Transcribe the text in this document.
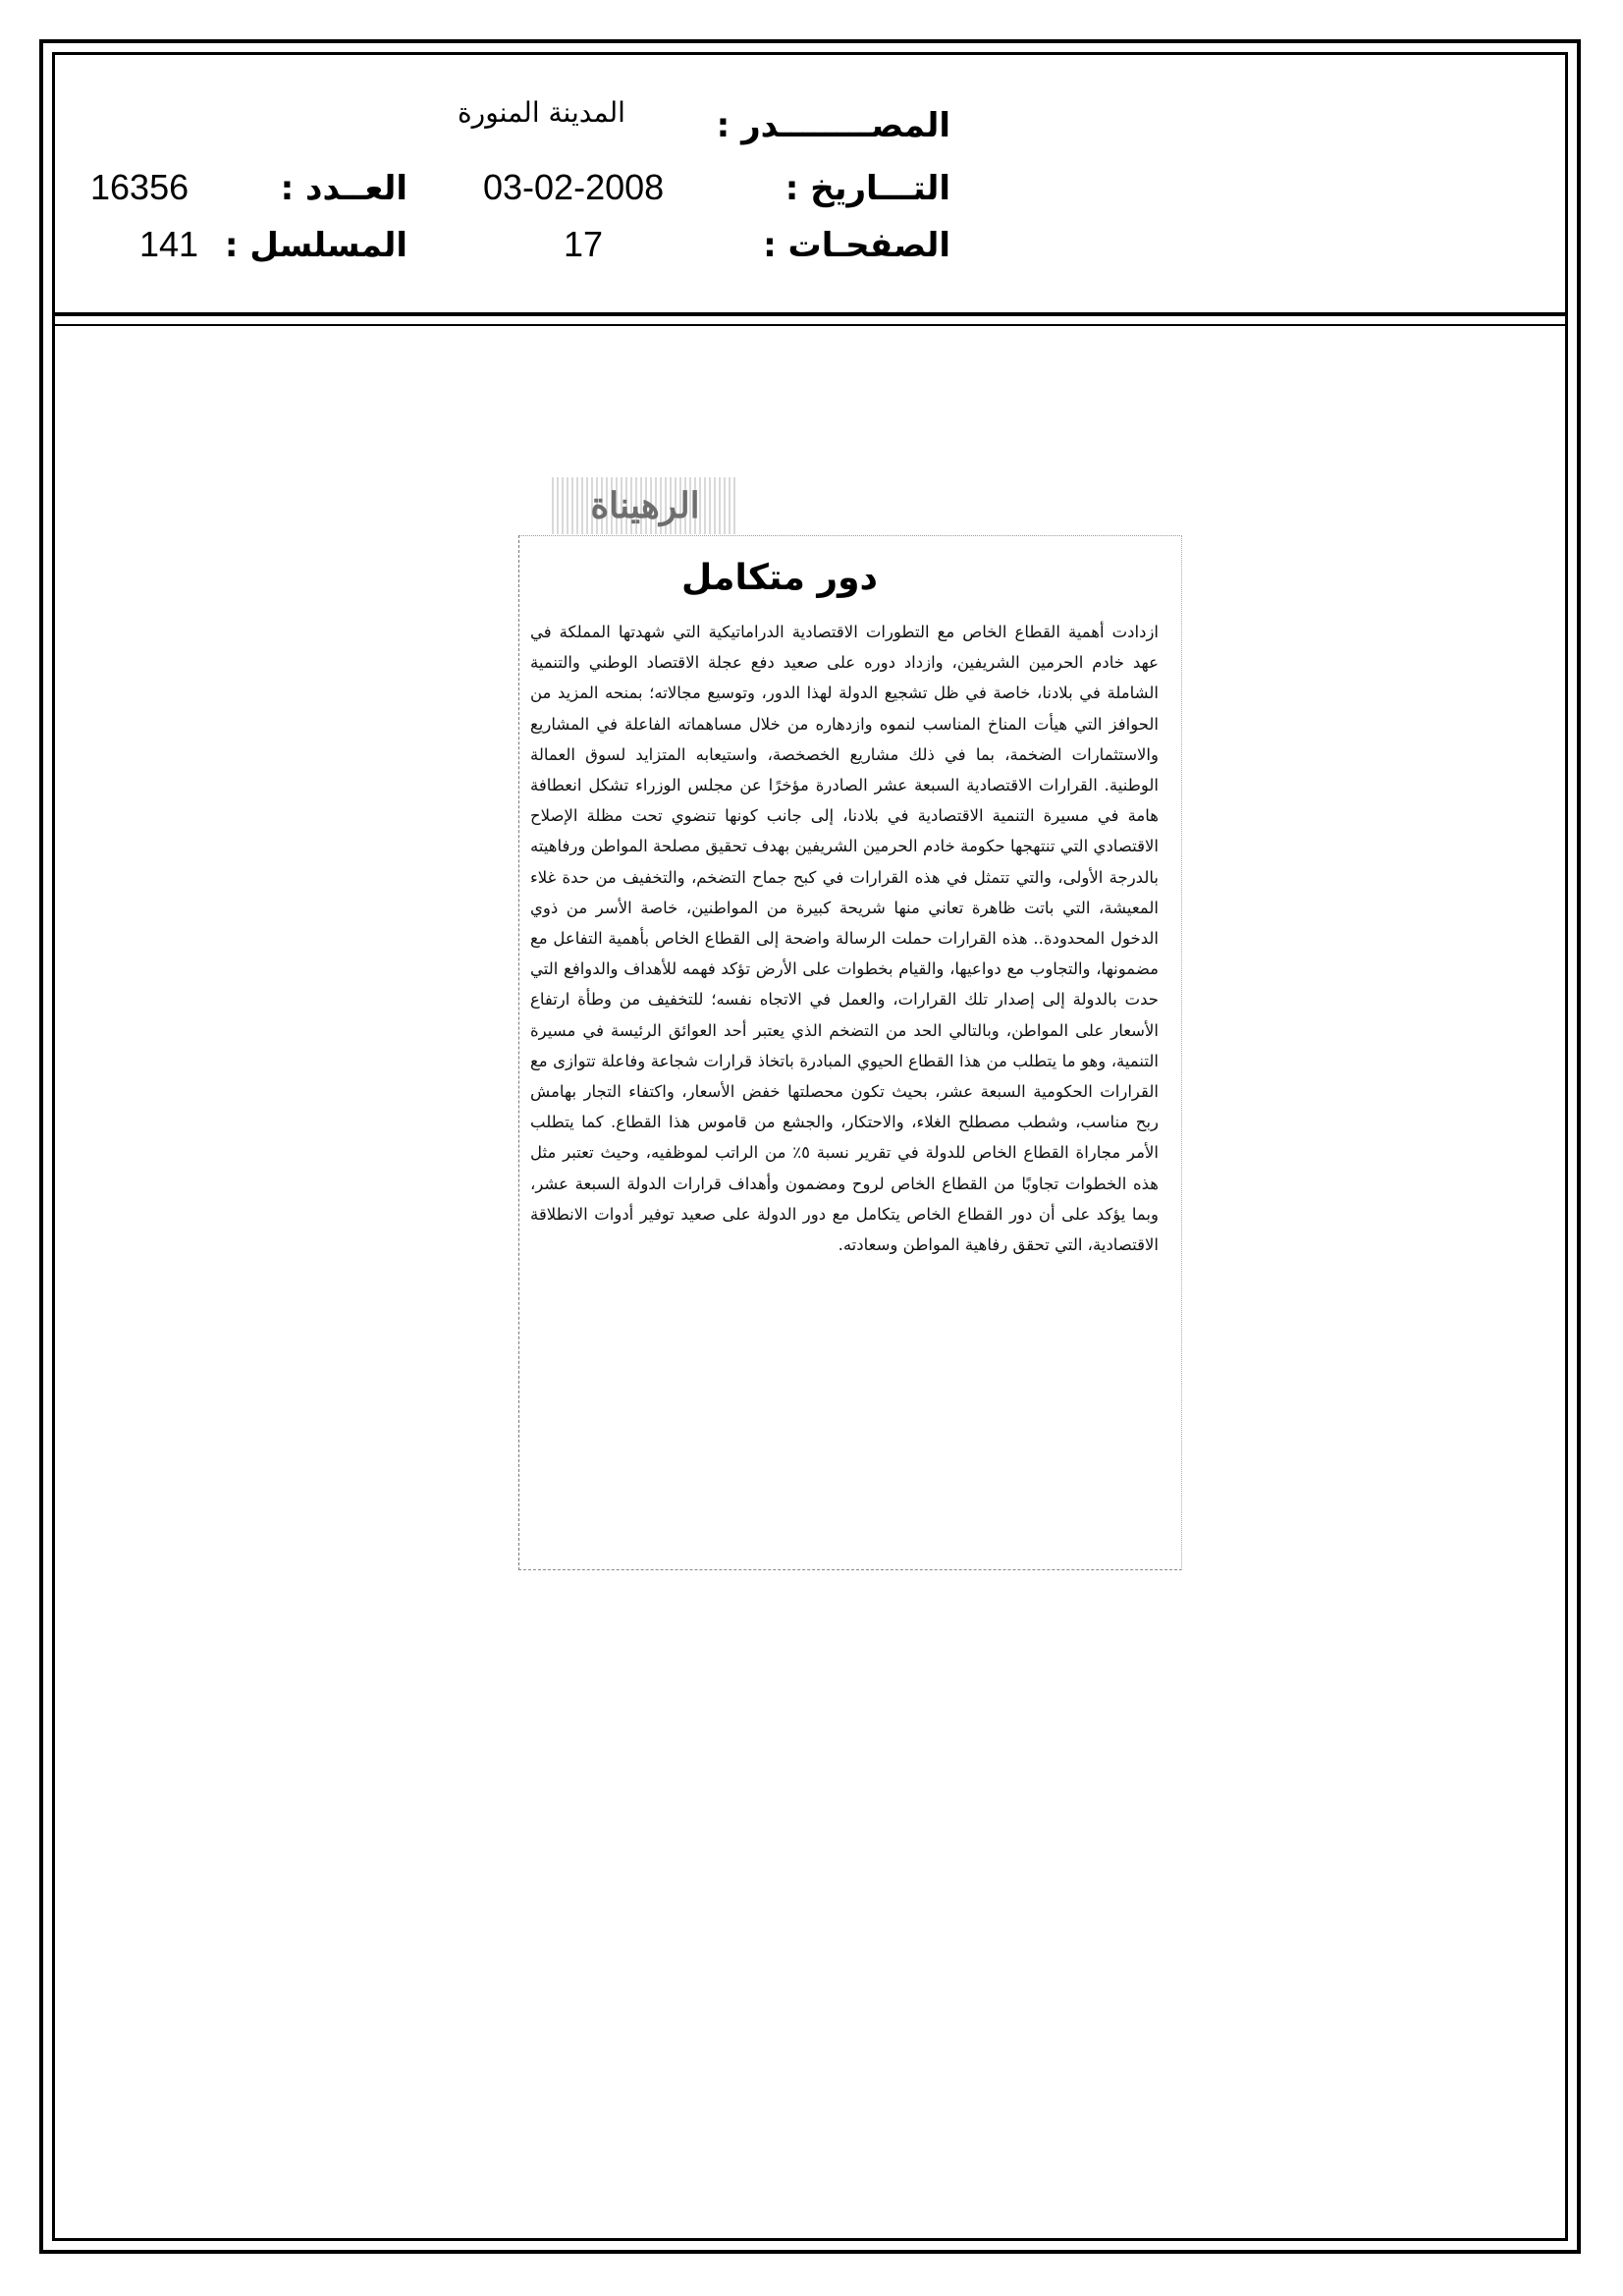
المصــــــــدر :
المدينة المنورة
التـــاريخ :
03-02-2008
الصفحـات :
17
العــدد :
16356
المسلسل :
141
الرهيناة
دور متكامل
ازدادت أهمية القطاع الخاص مع التطورات الاقتصادية الدراماتيكية التي شهدتها المملكة في عهد خادم الحرمين الشريفين، وازداد دوره على صعيد دفع عجلة الاقتصاد الوطني والتنمية الشاملة في بلادنا، خاصة في ظل تشجيع الدولة لهذا الدور، وتوسيع مجالاته؛ بمنحه المزيد من الحوافز التي هيأت المناخ المناسب لنموه وازدهاره من خلال مساهماته الفاعلة في المشاريع والاستثمارات الضخمة، بما في ذلك مشاريع الخصخصة، واستيعابه المتزايد لسوق العمالة الوطنية. القرارات الاقتصادية السبعة عشر الصادرة مؤخرًا عن مجلس الوزراء تشكل انعطافة هامة في مسيرة التنمية الاقتصادية في بلادنا، إلى جانب كونها تنضوي تحت مظلة الإصلاح الاقتصادي التي تنتهجها حكومة خادم الحرمين الشريفين بهدف تحقيق مصلحة المواطن ورفاهيته بالدرجة الأولى، والتي تتمثل في هذه القرارات في كبح جماح التضخم، والتخفيف من حدة غلاء المعيشة، التي باتت ظاهرة تعاني منها شريحة كبيرة من المواطنين، خاصة الأسر من ذوي الدخول المحدودة.. هذه القرارات حملت الرسالة واضحة إلى القطاع الخاص بأهمية التفاعل مع مضمونها، والتجاوب مع دواعيها، والقيام بخطوات على الأرض تؤكد فهمه للأهداف والدوافع التي حدت بالدولة إلى إصدار تلك القرارات، والعمل في الاتجاه نفسه؛ للتخفيف من وطأة ارتفاع الأسعار على المواطن، وبالتالي الحد من التضخم الذي يعتبر أحد العوائق الرئيسة في مسيرة التنمية، وهو ما يتطلب من هذا القطاع الحيوي المبادرة باتخاذ قرارات شجاعة وفاعلة تتوازى مع القرارات الحكومية السبعة عشر، بحيث تكون محصلتها خفض الأسعار، واكتفاء التجار بهامش ربح مناسب، وشطب مصطلح الغلاء، والاحتكار، والجشع من قاموس هذا القطاع. كما يتطلب الأمر مجاراة القطاع الخاص للدولة في تقرير نسبة ٥٪ من الراتب لموظفيه، وحيث تعتبر مثل هذه الخطوات تجاوبًا من القطاع الخاص لروح ومضمون وأهداف قرارات الدولة السبعة عشر، وبما يؤكد على أن دور القطاع الخاص يتكامل مع دور الدولة على صعيد توفير أدوات الانطلاقة الاقتصادية، التي تحقق رفاهية المواطن وسعادته.
